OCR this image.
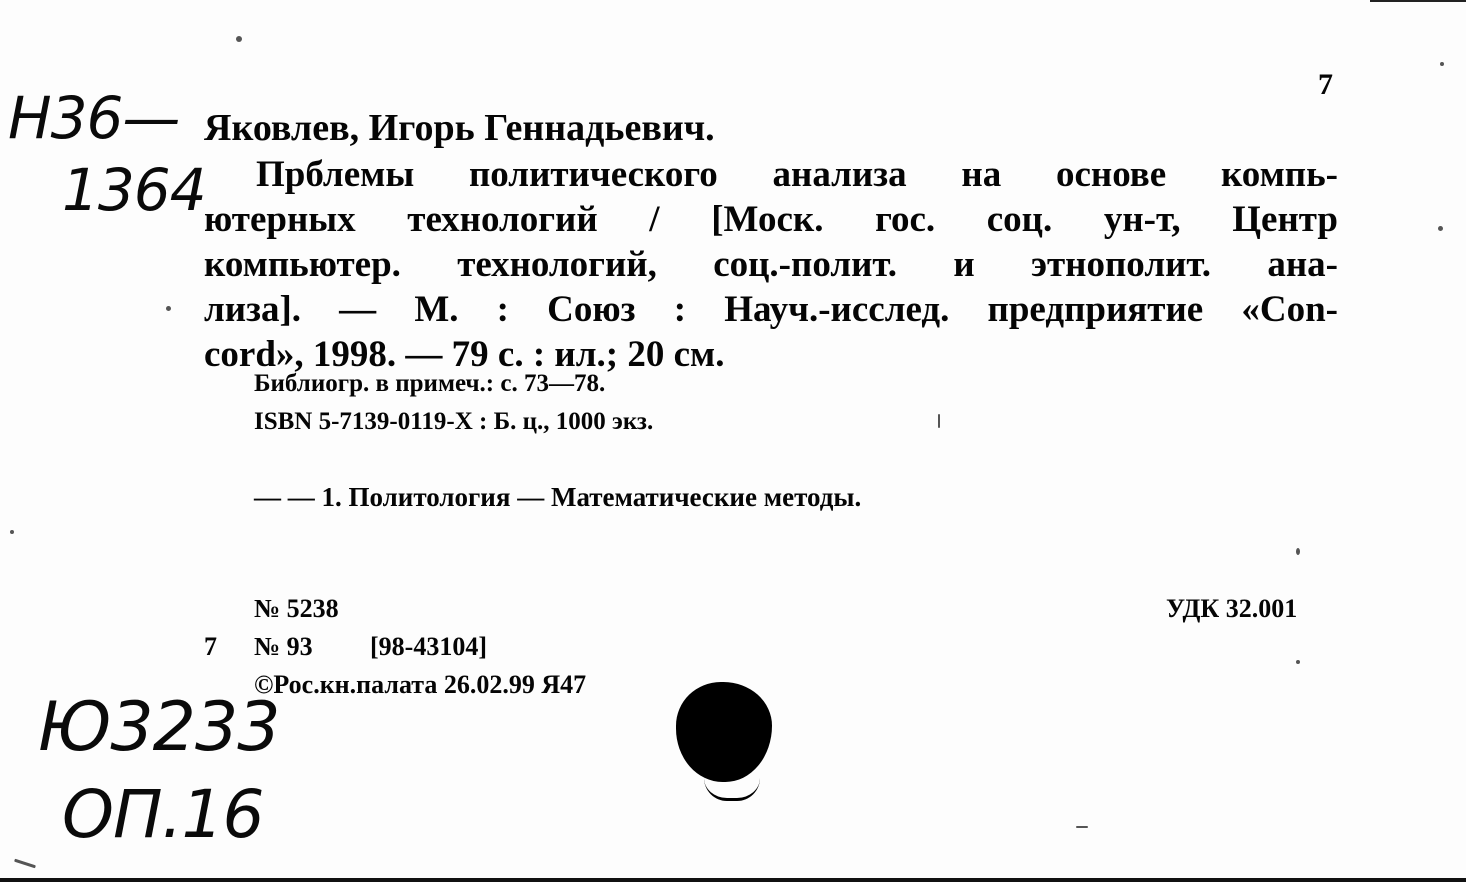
Н36—
1364
Ю3233
ОП.16
7
Яковлев, Игорь Геннадьевич.
Прблемы политического анализа на основе компь-
ютерных технологий / [Моск. гос. соц. ун-т, Центр
компьютер. технологий, соц.-полит. и этнополит. ана-
лиза]. — М. : Союз : Науч.-исслед. предприятие «Con-
cord», 1998. — 79 с. : ил.; 20 см.
Библиогр. в примеч.: с. 73—78.
ISBN 5-7139-0119-X : Б. ц., 1000 экз.
— — 1. Политология — Математические методы.
№ 5238	УДК 32.001
7 № 93 [98-43104]
©Рос.кн.палата 26.02.99 Я47
